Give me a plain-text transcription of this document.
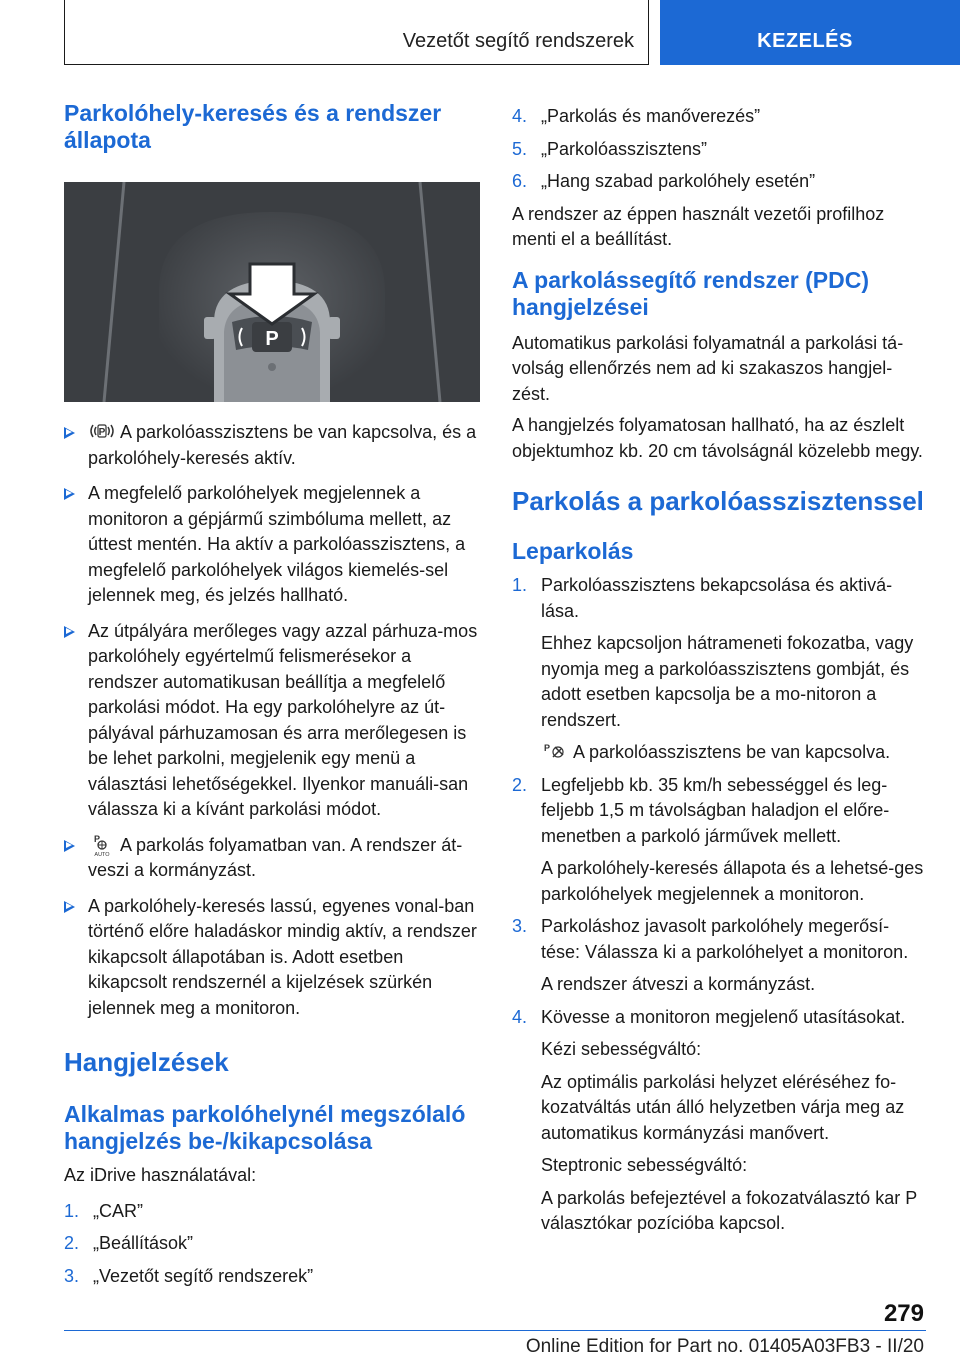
Vezetőt segítő rendszerek	KEZELÉS
Parkolóhely-keresés és a rendszer állapota
P
P A parkolóasszisztens be van kapcsolva, és a parkolóhely-keresés aktív.
A megfelelő parkolóhelyek megjelennek a monitoron a gépjármű szimbóluma mellett, az úttest mentén. Ha aktív a parkolóasszisztens, a megfelelő parkolóhelyek világos kiemelés-sel jelennek meg, és jelzés hallható.
Az útpályára merőleges vagy azzal párhuza-mos parkolóhely egyértelmű felismerésekor a rendszer automatikusan beállítja a megfelelő parkolási módot. Ha egy parkolóhelyre az út-pályával párhuzamosan és arra merőlegesen is be lehet parkolni, megjelenik egy menü a választási lehetőségekkel. Ilyenkor manuáli-san válassza ki a kívánt parkolási módot.
P
AUTO A parkolás folyamatban van. A rendszer át-veszi a kormányzást.
A parkolóhely-keresés lassú, egyenes vonal-ban történő előre haladáskor mindig aktív, a rendszer kikapcsolt állapotában is. Adott esetben kikapcsolt rendszernél a kijelzések szürkén jelennek meg a monitoron.
Hangjelzések
Alkalmas parkolóhelynél megszólaló hangjelzés be-/kikapcsolása

Az iDrive használatával:

1. „CAR”
2. „Beállítások”
3. „Vezetőt segítő rendszerek”
4. „Parkolás és manőverezés”
5. „Parkolóasszisztens”
6. „Hang szabad parkolóhely esetén”

A rendszer az éppen használt vezetői profilhoz menti el a beállítást.

A parkolássegítő rendszer (PDC) hangjelzései

Automatikus parkolási folyamatnál a parkolási tá-volság ellenőrzés nem ad ki szakaszos hangjel-zést.

A hangjelzés folyamatosan hallható, ha az észlelt objektumhoz kb. 20 cm távolságnál közelebb megy.

Parkolás a parkolóasszisztenssel
Leparkolás
1. Parkolóasszisztens bekapcsolása és aktivá-lása.

Ehhez kapcsoljon hátrameneti fokozatba, vagy nyomja meg a parkolóasszisztens gombját, és adott esetben kapcsolja be a mo-nitoron a rendszert.

P A parkolóasszisztens be van kapcsolva.

2. Legfeljebb kb. 35 km/h sebességgel és leg-feljebb 1,5 m távolságban haladjon el előre-menetben a parkoló járművek mellett.

A parkolóhely-keresés állapota és a lehetsé-ges parkolóhelyek megjelennek a monitoron.

3. Parkoláshoz javasolt parkolóhely megerősí-tése: Válassza ki a parkolóhelyet a monitoron.

A rendszer átveszi a kormányzást.

4. Kövesse a monitoron megjelenő utasításokat.

Kézi sebességváltó:

Az optimális parkolási helyzet eléréséhez fo-kozatváltás után álló helyzetben várja meg az automatikus kormányzási manővert.

Steptronic sebességváltó:

A parkolás befejeztével a fokozatválasztó kar P választókar pozícióba kapcsol.

279
Online Edition for Part no. 01405A03FB3 - II/20
